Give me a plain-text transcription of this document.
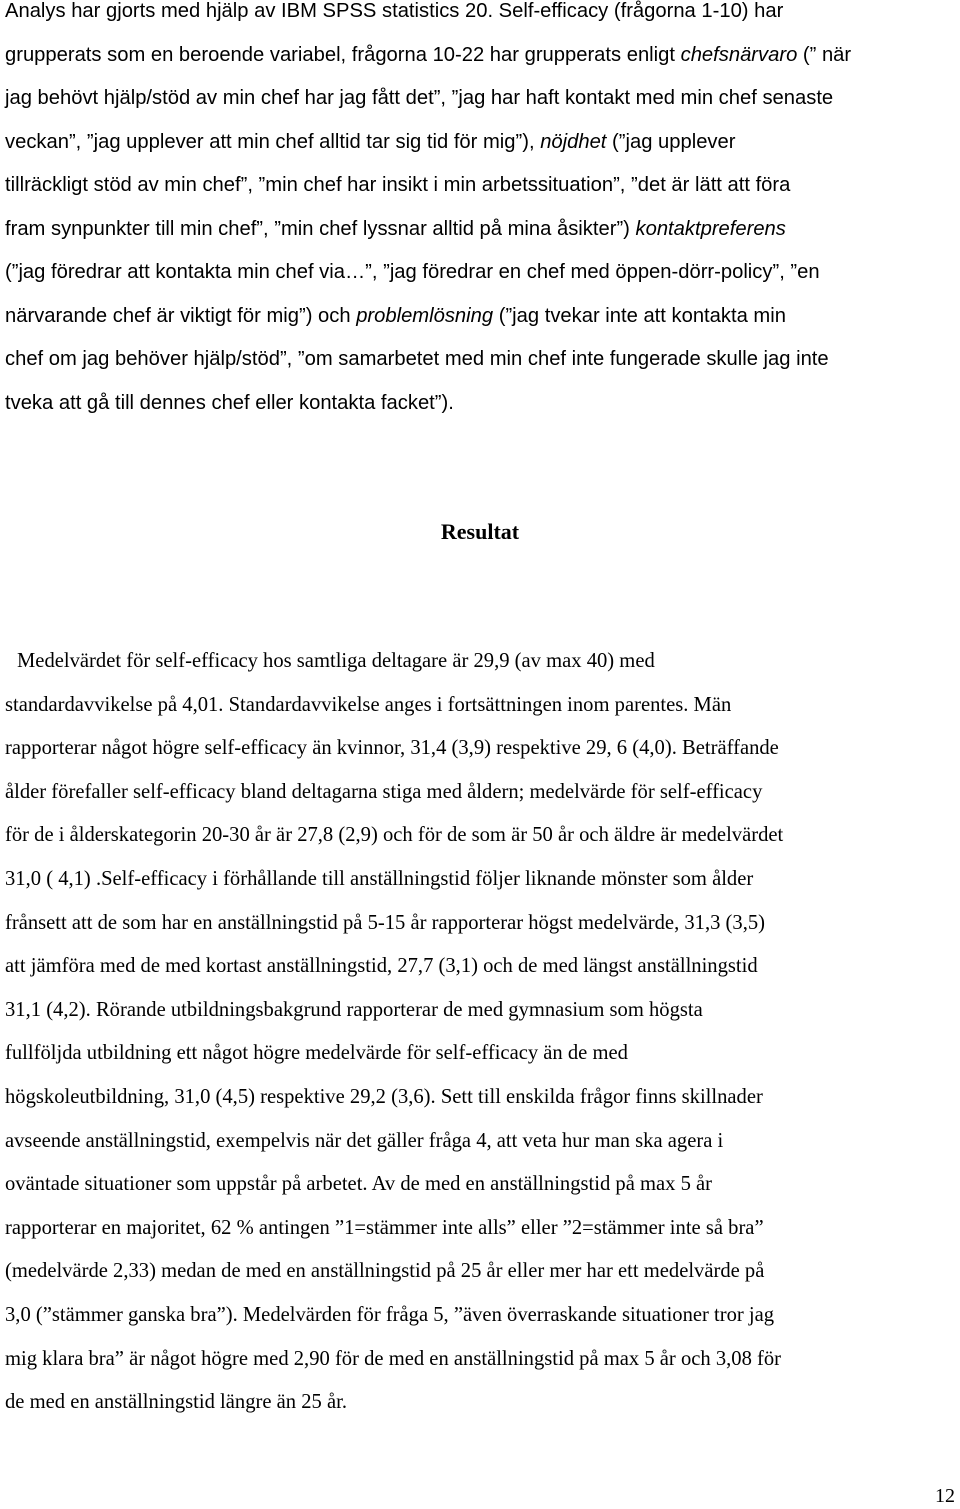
Analys har gjorts med hjälp av IBM SPSS statistics 20. Self-efficacy (frågorna 1-10) har
grupperats som en beroende variabel, frågorna 10-22 har grupperats enligt chefsnärvaro (” när
jag behövt hjälp/stöd av min chef har jag fått det”, ”jag har haft kontakt med min chef senaste
veckan”, ”jag upplever att min chef alltid tar sig tid för mig”), nöjdhet (”jag upplever
tillräckligt stöd av min chef”, ”min chef har insikt i min arbetssituation”, ”det är lätt att föra
fram synpunkter till min chef”, ”min chef lyssnar alltid på mina åsikter”) kontaktpreferens
(”jag föredrar att kontakta min chef via…”, ”jag föredrar en chef med öppen-dörr-policy”, ”en
närvarande chef är viktigt för mig”) och problemlösning (”jag tvekar inte att kontakta min
chef om jag behöver hjälp/stöd”, ”om samarbetet med min chef inte fungerade skulle jag inte
tveka att gå till dennes chef eller kontakta facket”).

Resultat

Medelvärdet för self-efficacy hos samtliga deltagare är 29,9 (av max 40) med
standardavvikelse på 4,01. Standardavvikelse anges i fortsättningen inom parentes. Män
rapporterar något högre self-efficacy än kvinnor, 31,4 (3,9) respektive 29, 6 (4,0). Beträffande
ålder förefaller self-efficacy bland deltagarna stiga med åldern; medelvärde för self-efficacy
för de i ålderskategorin 20-30 år är 27,8 (2,9) och för de som är 50 år och äldre är medelvärdet
31,0 ( 4,1) .Self-efficacy i förhållande till anställningstid följer liknande mönster som ålder
frånsett att de som har en anställningstid på 5-15 år rapporterar högst medelvärde, 31,3 (3,5)
att jämföra med de med kortast anställningstid, 27,7 (3,1) och de med längst anställningstid
31,1 (4,2). Rörande utbildningsbakgrund rapporterar de med gymnasium som högsta
fullföljda utbildning ett något högre medelvärde för self-efficacy än de med
högskoleutbildning, 31,0 (4,5) respektive 29,2 (3,6). Sett till enskilda frågor finns skillnader
avseende anställningstid, exempelvis när det gäller fråga 4, att veta hur man ska agera i
oväntade situationer som uppstår på arbetet. Av de med en anställningstid på max 5 år
rapporterar en majoritet, 62 % antingen ”1=stämmer inte alls” eller ”2=stämmer inte så bra”
(medelvärde 2,33) medan de med en anställningstid på 25 år eller mer har ett medelvärde på
3,0 (”stämmer ganska bra”). Medelvärden för fråga 5, ”även överraskande situationer tror jag
mig klara bra” är något högre med 2,90 för de med en anställningstid på max 5 år och 3,08 för
de med en anställningstid längre än 25 år.

12
